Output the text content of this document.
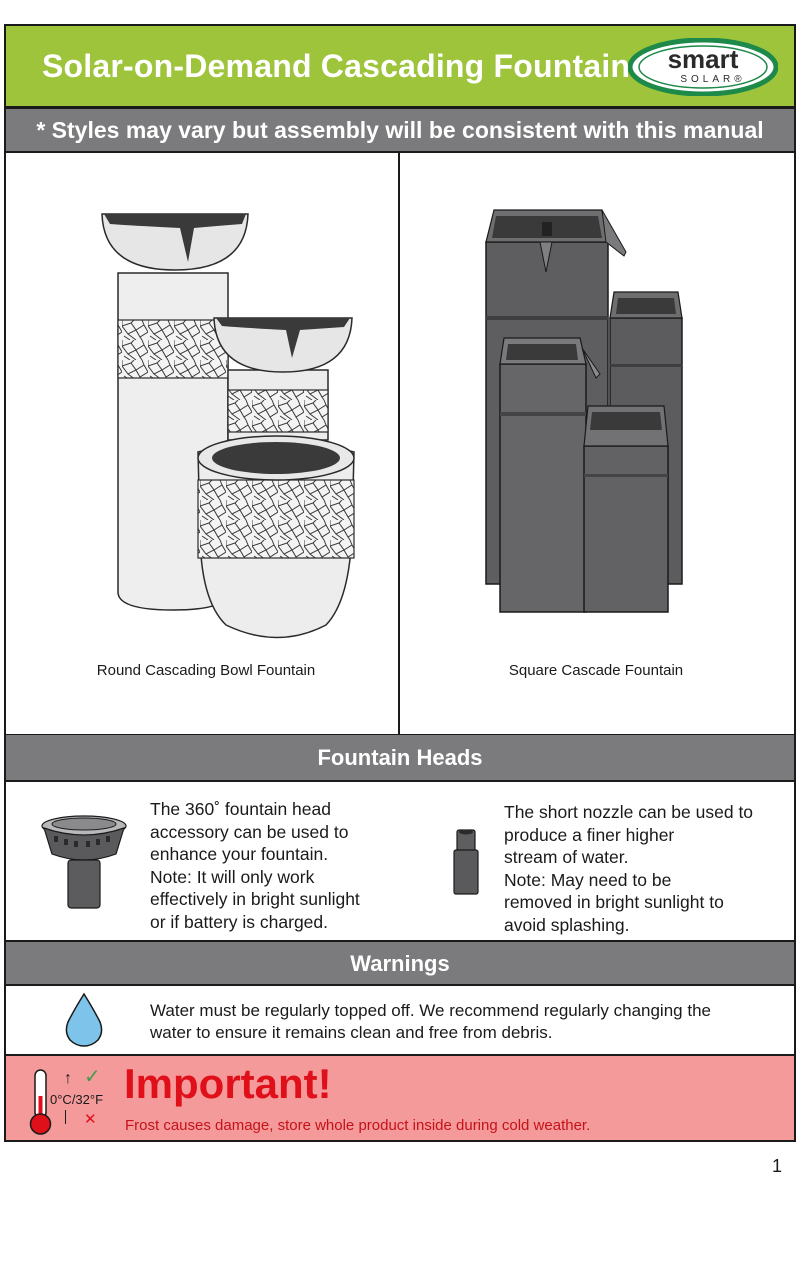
Solar-on-Demand Cascading Fountain	smart
SOLAR®
* Styles may vary but assembly will be consistent with this manual
Round Cascading Bowl Fountain	Square Cascade Fountain
Fountain Heads
The 360˚ fountain head
accessory can be used to
enhance your fountain.
Note: It will only work
effectively in bright sunlight
or if battery is charged.
The short nozzle can be used to
produce a finer higher
stream of water.
Note: May need to be
removed in bright sunlight to
avoid splashing.
Warnings
Water must be regularly topped off. We recommend regularly changing the
water to ensure it remains clean and free from debris.
↑ ✓
0°C/32°F
✕
Important!
Frost causes damage, store whole product inside during cold weather.
1
